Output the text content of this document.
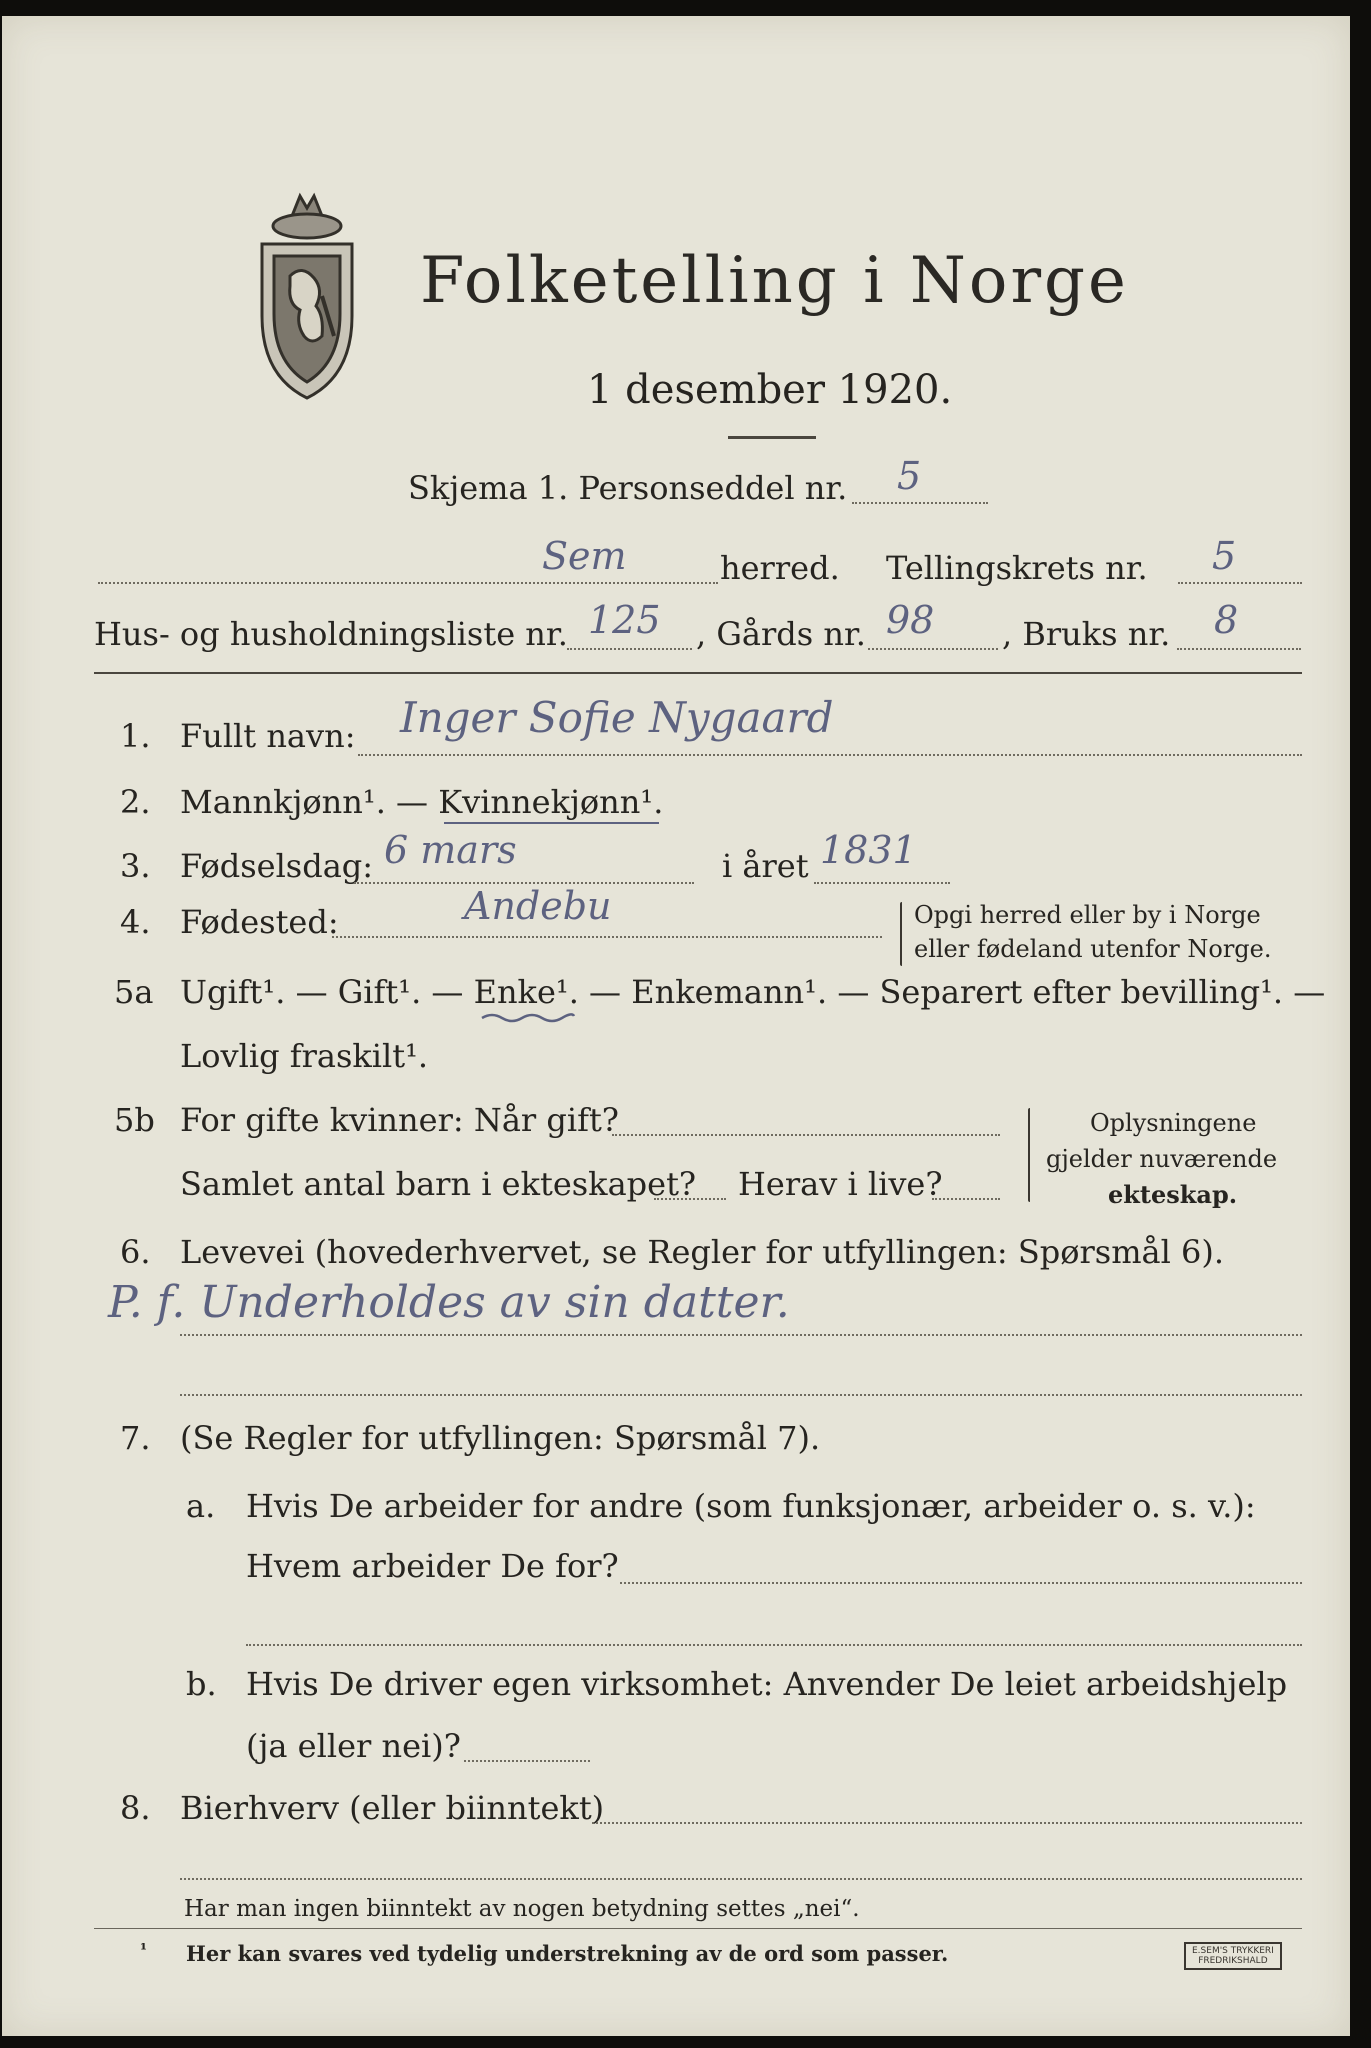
Folketelling i Norge
1 desember 1920.
Skjema 1. Personseddel nr. 5
Sem	herred. Tellingskrets nr. 5
Hus- og husholdningsliste nr. 125 , Gårds nr. 98 , Bruks nr. 8
1. Fullt navn: Inger Sofie Nygaard
2. Mannkjønn¹. — Kvinnekjønn¹.
3. Fødselsdag: 6 mars	i året 1831
4. Fødested:	Andebu	Opgi herred eller by i Norge
eller fødeland utenfor Norge.
5a Ugift¹. — Gift¹. — Enke¹. — Enkemann¹. — Separert efter bevilling¹. —
Lovlig fraskilt¹.
5b For gifte kvinner: Når gift?
Samlet antal barn i ekteskapet? Herav i live?
Oplysningene
gjelder nuværende
ekteskap.
6. Levevei (hovederhvervet, se Regler for utfyllingen: Spørsmål 6).
P. f. Underholdes av sin datter.
7. (Se Regler for utfyllingen: Spørsmål 7).
a. Hvis De arbeider for andre (som funksjonær, arbeider o. s. v.):
Hvem arbeider De for?
b. Hvis De driver egen virksomhet: Anvender De leiet arbeidshjelp
(ja eller nei)?
8. Bierhverv (eller biinntekt)
Har man ingen biinntekt av nogen betydning settes „nei“.
¹ Her kan svares ved tydelig understrekning av de ord som passer.	E.SEM'S TRYKKERI
FREDRIKSHALD
